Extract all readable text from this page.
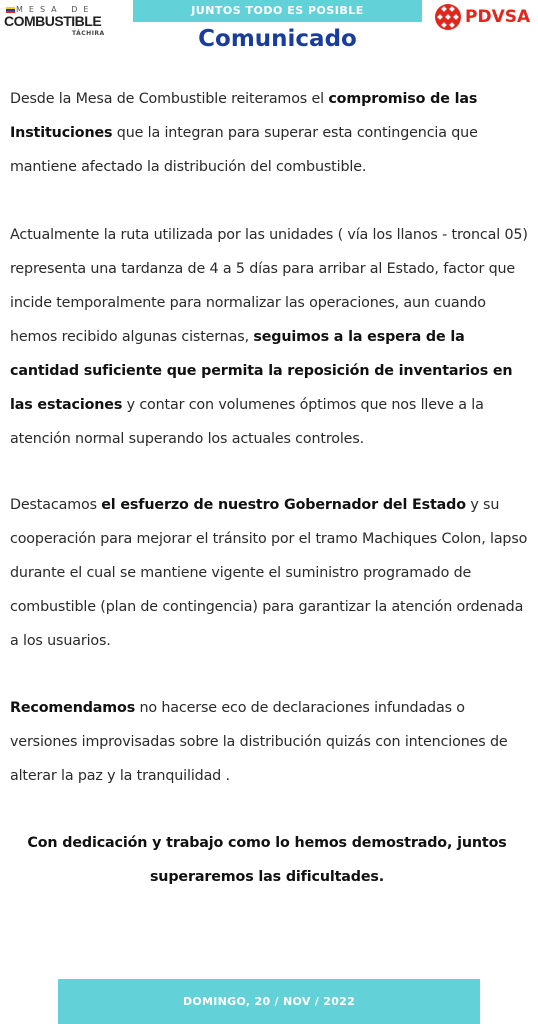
MESA DE
COMBUSTIBLE
TÁCHIRA
JUNTOS TODO ES POSIBLE
Comunicado
PDVSA

Desde la Mesa de Combustible reiteramos el compromiso de las Instituciones que la integran para superar esta contingencia que mantiene afectado la distribución del combustible.

Actualmente la ruta utilizada por las unidades ( vía los llanos - troncal 05) representa una tardanza de 4 a 5 días para arribar al Estado, factor que incide temporalmente para normalizar las operaciones, aun cuando hemos recibido algunas cisternas, seguimos a la espera de la cantidad suficiente que permita la reposición de inventarios en las estaciones y contar con volumenes óptimos que nos lleve a la atención normal superando los actuales controles.

Destacamos el esfuerzo de nuestro Gobernador del Estado y su cooperación para mejorar el tránsito por el tramo Machiques Colon, lapso durante el cual se mantiene vigente el suministro programado de combustible (plan de contingencia) para garantizar la atención ordenada a los usuarios.

Recomendamos no hacerse eco de declaraciones infundadas o versiones improvisadas sobre la distribución quizás con intenciones de alterar la paz y la tranquilidad .

Con dedicación y trabajo como lo hemos demostrado, juntos superaremos las dificultades.

DOMINGO, 20 / NOV / 2022
